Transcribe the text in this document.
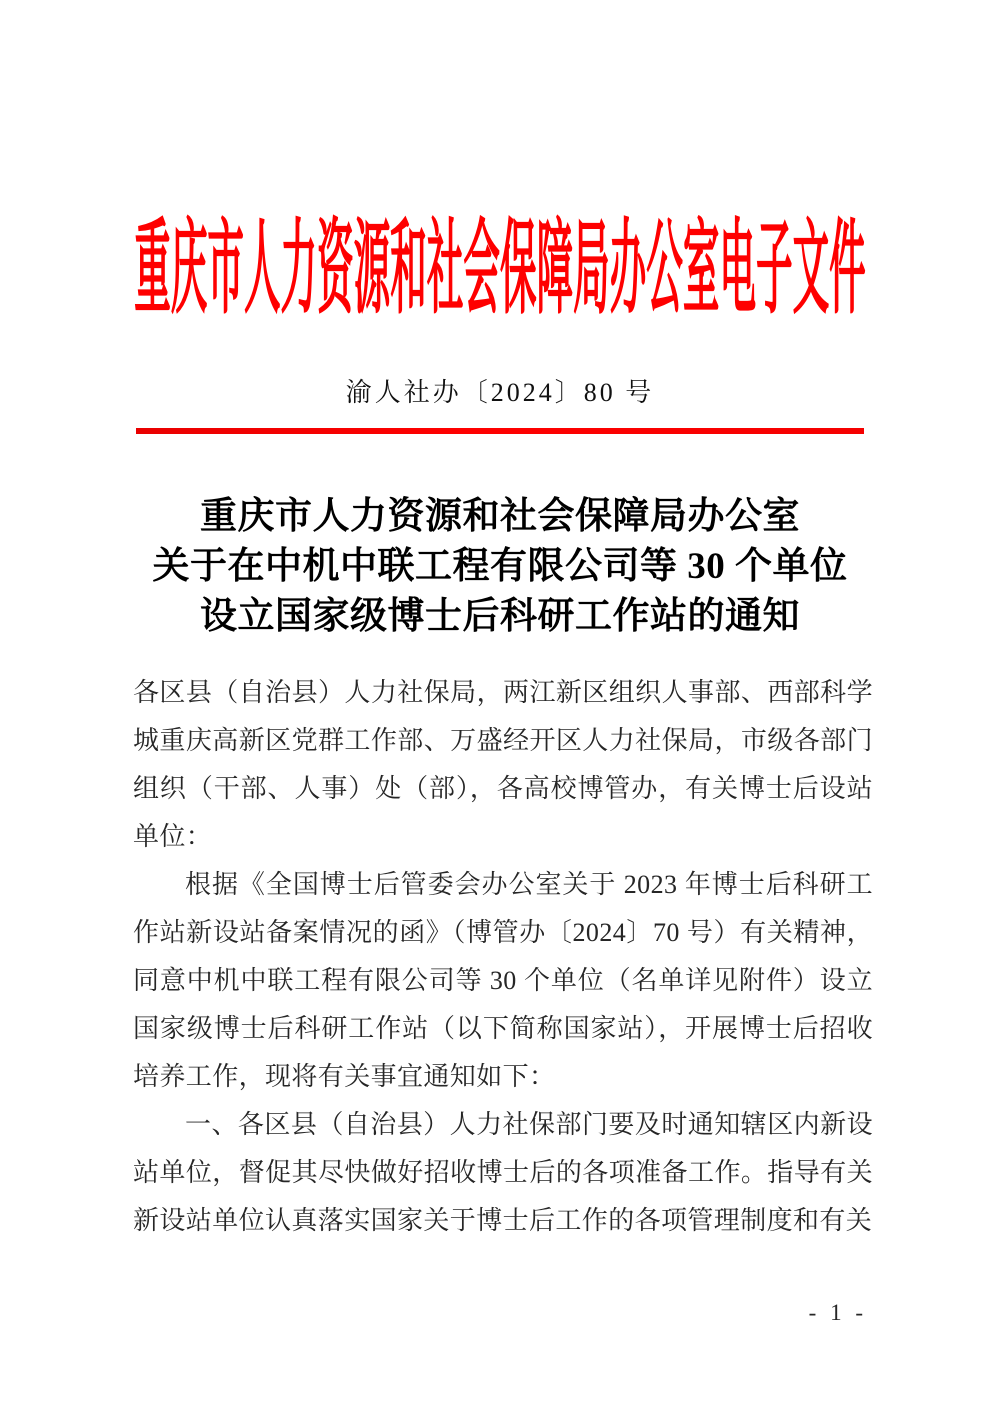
重庆市人力资源和社会保障局办公室电子文件
渝人社办〔2024〕80 号
重庆市人力资源和社会保障局办公室
关于在中机中联工程有限公司等 30 个单位
设立国家级博士后科研工作站的通知

各区县（自治县）人力社保局，两江新区组织人事部、西部科学城重庆高新区党群工作部、万盛经开区人力社保局，市级各部门组织（干部、人事）处（部），各高校博管办，有关博士后设站单位：

根据《全国博士后管委会办公室关于 2023 年博士后科研工作站新设站备案情况的函》（博管办〔2024〕70 号）有关精神，同意中机中联工程有限公司等 30 个单位（名单详见附件）设立国家级博士后科研工作站（以下简称国家站），开展博士后招收培养工作，现将有关事宜通知如下：

一、各区县（自治县）人力社保部门要及时通知辖区内新设站单位，督促其尽快做好招收博士后的各项准备工作。指导有关新设站单位认真落实国家关于博士后工作的各项管理制度和有关

- 1 -
